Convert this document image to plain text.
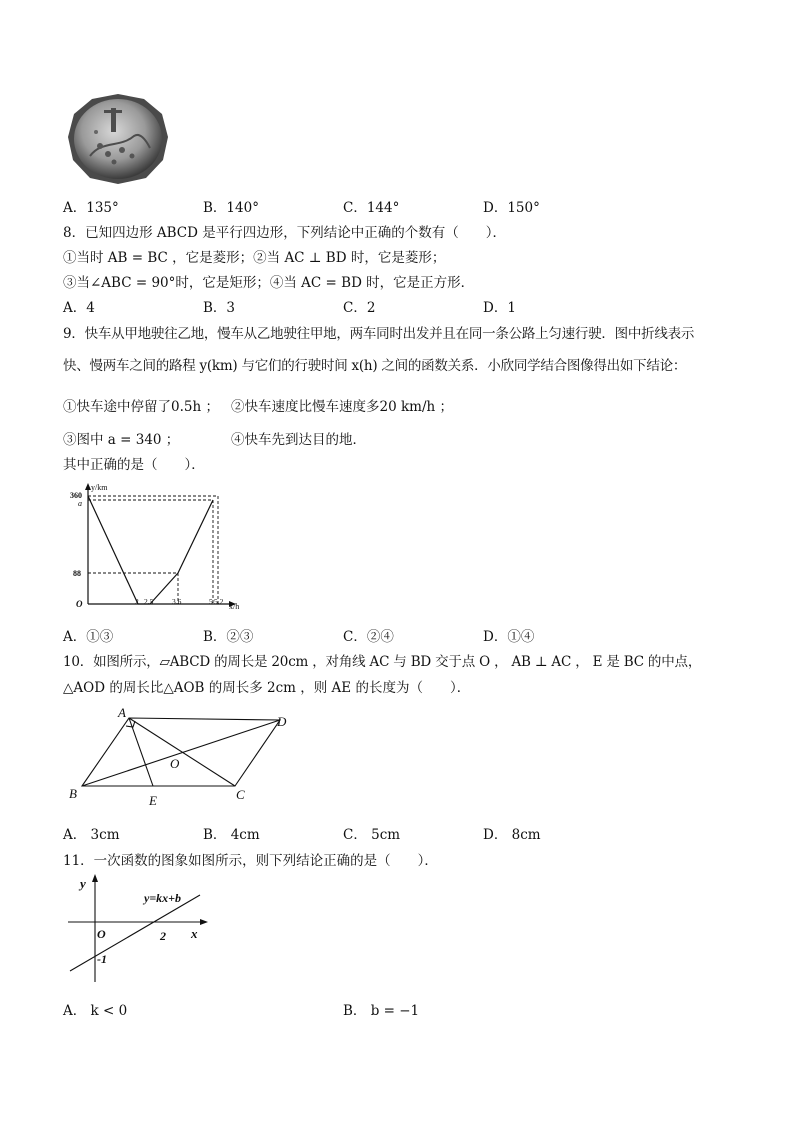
A．135°	B．140°	C．144°	D．150°
8．已知四边形 ABCD 是平行四边形，下列结论中正确的个数有（　　）．
①当时 AB = BC ，它是菱形；②当 AC ⊥ BD 时，它是菱形；
③当∠ABC = 90°时，它是矩形；④当 AC = BD 时，它是正方形．
A．4	B．3	C．2	D．1
9．快车从甲地驶往乙地，慢车从乙地驶往甲地，两车同时出发并且在同一条公路上匀速行驶．图中折线表示
快、慢两车之间的路程 y(km) 与它们的行驶时间 x(h) 之间的函数关系．小欣同学结合图像得出如下结论：
①快车途中停留了0.5h ； ②快车速度比慢车速度多20 km/h ；
③图中 a = 340 ；	④快车先到达目的地．
其中正确的是（　　）．
y/km
360
a
88
O	2 2.5 3.6	5 5.2
x/h
A．①③	B．②③	C．②④	D．①④
10．如图所示，▱ABCD 的周长是 20cm ，对角线 AC 与 BD 交于点 O ， AB ⊥ AC ， E 是 BC 的中点，
△AOD 的周长比△AOB 的周长多 2cm ，则 AE 的长度为（　　）．
A
D
O
B	E	C
A． 3cm	B． 4cm	C． 5cm	D． 8cm
11．一次函数的图象如图所示，则下列结论正确的是（　　）．
y
y=kx+b
x
O	2
-1
A． k < 0	B． b = −1
